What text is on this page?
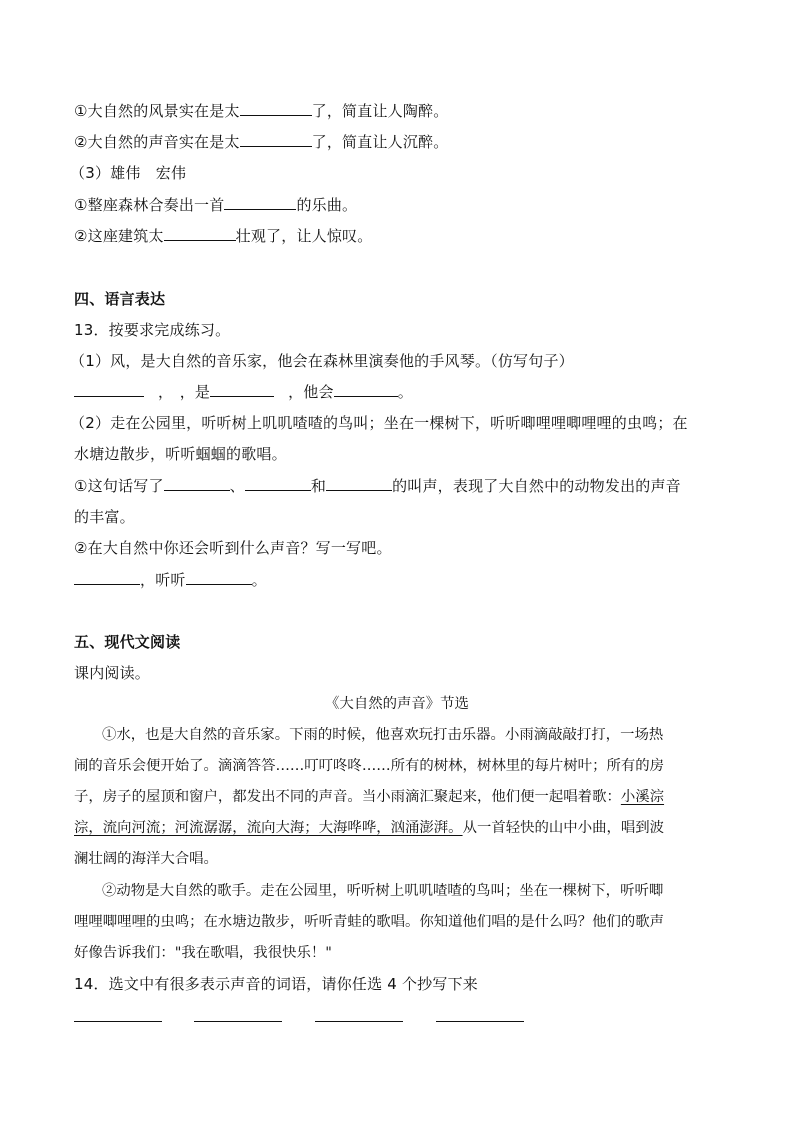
①大自然的风景实在是太	了，简直让人陶醉。
②大自然的声音实在是太	了，简直让人沉醉。
（3）雄伟　宏伟
①整座森林合奏出一首	的乐曲。
②这座建筑太	壮观了，让人惊叹。
四、语言表达
13．按要求完成练习。
（1）风，是大自然的音乐家，他会在森林里演奏他的手风琴。（仿写句子）
， ，是	，他会	。
（2）走在公园里，听听树上叽叽喳喳的鸟叫；坐在一棵树下，听听唧哩哩唧哩哩的虫鸣；在
水塘边散步，听听蝈蝈的歌唱。
①这句话写了	、	和	的叫声，表现了大自然中的动物发出的声音
的丰富。
②在大自然中你还会听到什么声音？写一写吧。
，听听	。
五、现代文阅读
课内阅读。
《大自然的声音》节选
①水，也是大自然的音乐家。下雨的时候，他喜欢玩打击乐器。小雨滴敲敲打打，一场热
闹的音乐会便开始了。滴滴答答……叮叮咚咚……所有的树林，树林里的每片树叶；所有的房
子，房子的屋顶和窗户，都发出不同的声音。当小雨滴汇聚起来，他们便一起唱着歌：小溪淙
淙，流向河流；河流潺潺，流向大海；大海哗哗，汹涌澎湃。从一首轻快的山中小曲，唱到波
澜壮阔的海洋大合唱。
②动物是大自然的歌手。走在公园里，听听树上叽叽喳喳的鸟叫；坐在一棵树下，听听唧
哩哩唧哩哩的虫鸣；在水塘边散步，听听青蛙的歌唱。你知道他们唱的是什么吗？他们的歌声
好像告诉我们："我在歌唱，我很快乐！"
14．选文中有很多表示声音的词语，请你任选 4 个抄写下来
